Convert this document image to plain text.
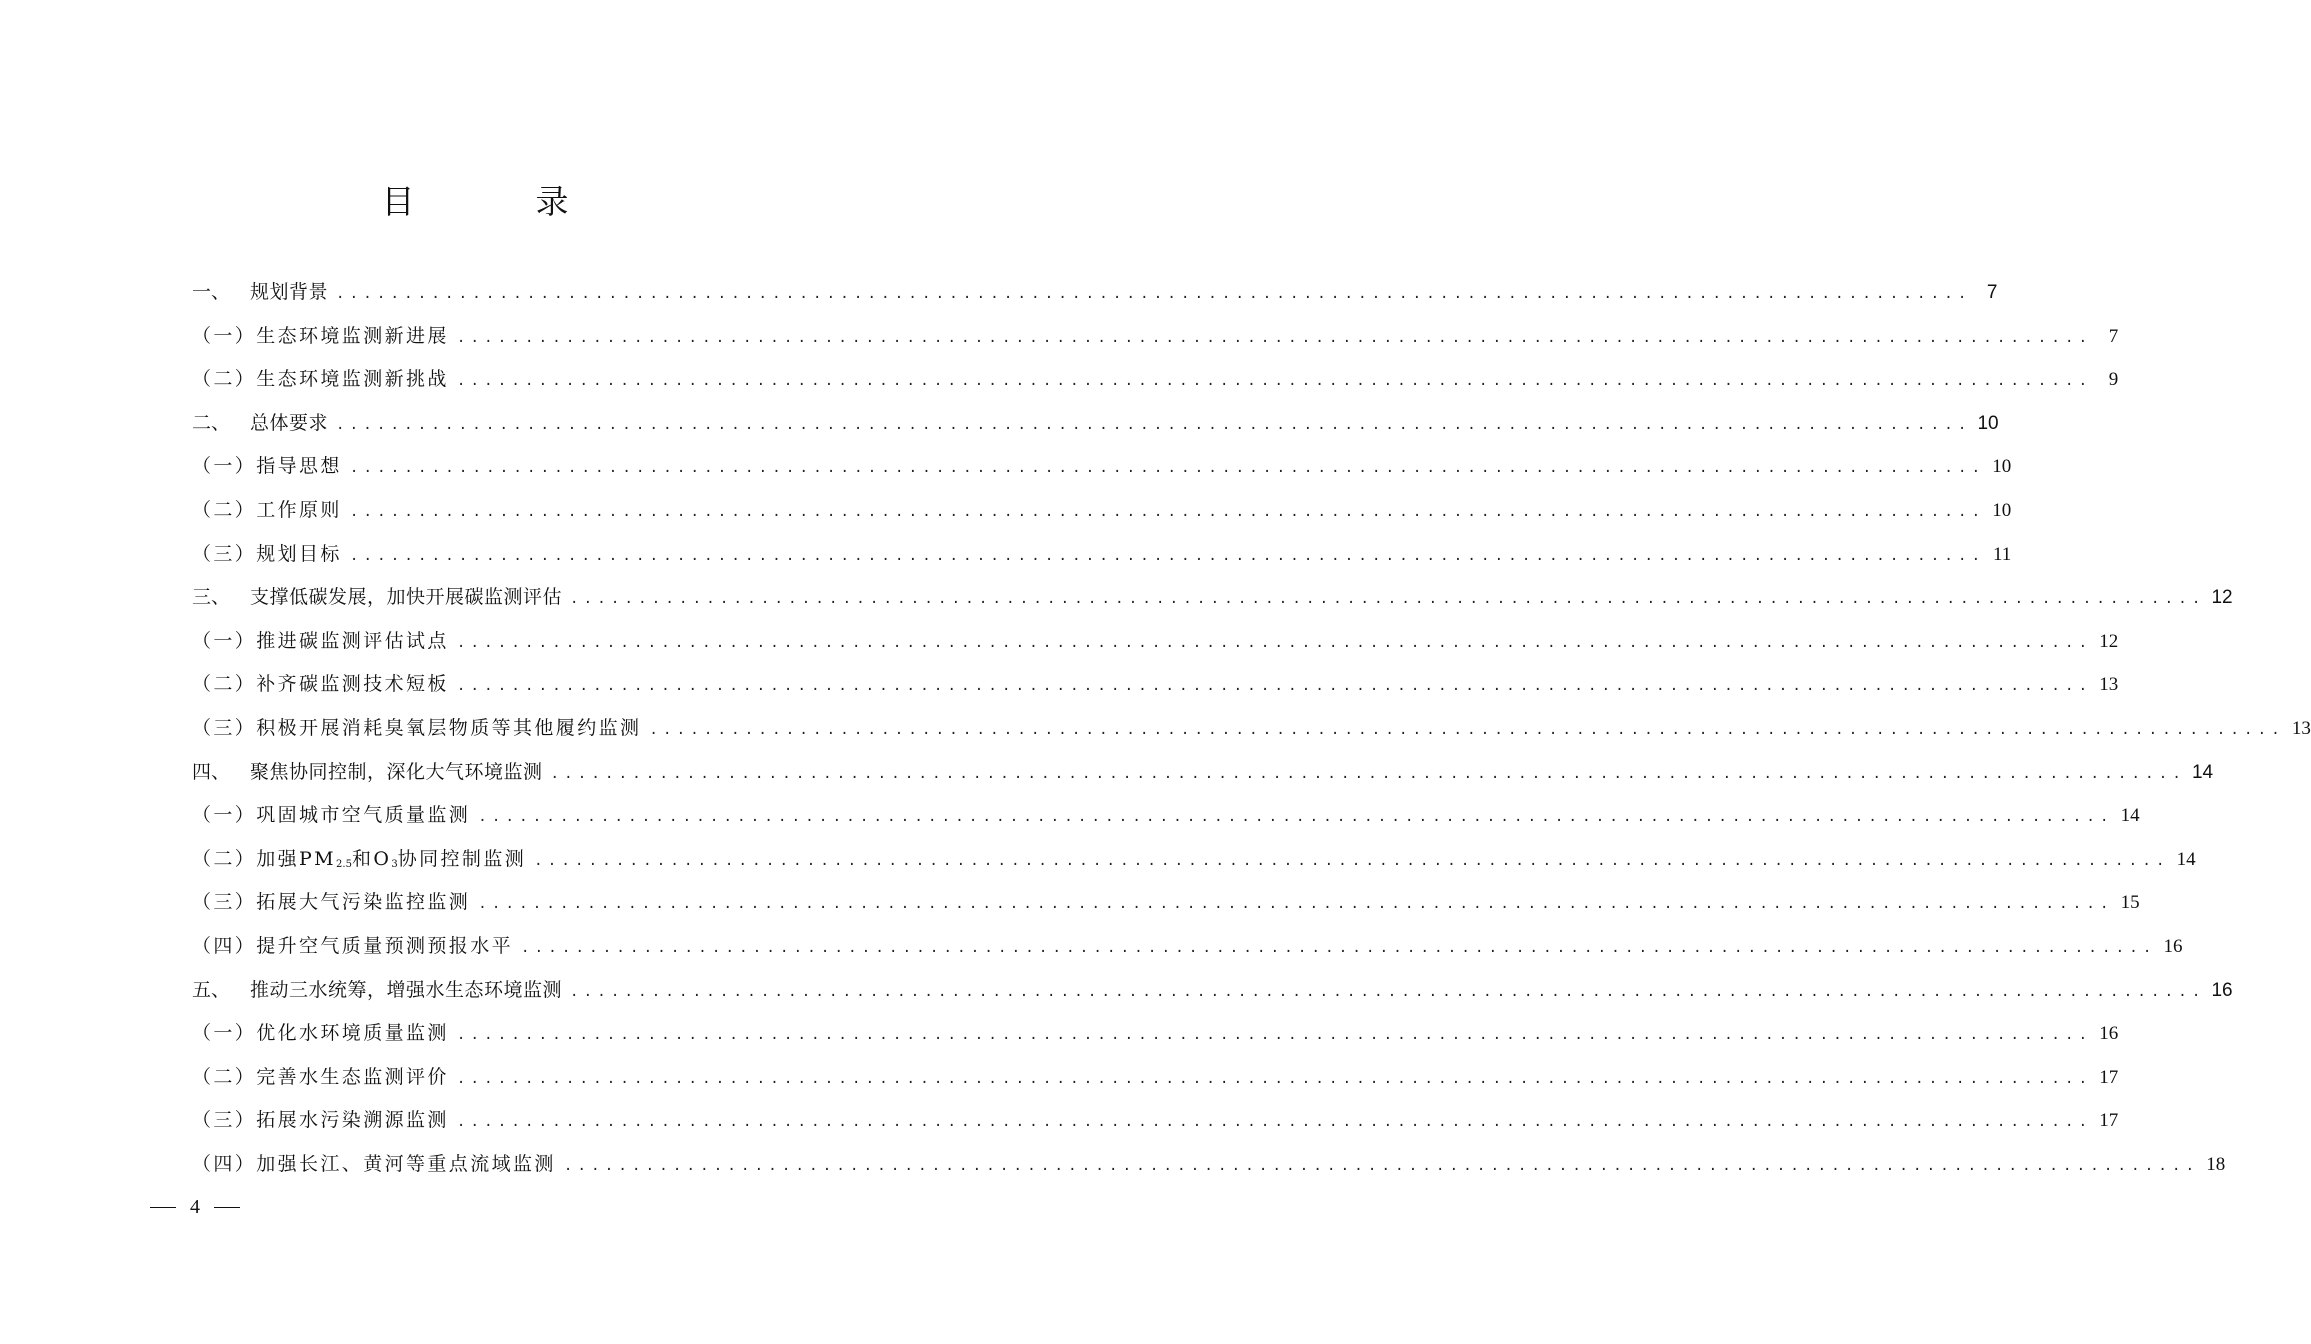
目　录
一、	规划背景 ........................................................................................................................ 7
（一） 生态环境监测新进展 ........................................................................................................................ 7
（二） 生态环境监测新挑战 ........................................................................................................................ 9
二、	总体要求 ........................................................................................................................ 10
（一） 指导思想 ........................................................................................................................ 10
（二） 工作原则 ........................................................................................................................ 10
（三） 规划目标 ........................................................................................................................ 11
三、	支撑低碳发展，加快开展碳监测评估 ........................................................................................................................ 12
（一） 推进碳监测评估试点 ........................................................................................................................ 12
（二） 补齐碳监测技术短板 ........................................................................................................................ 13
（三） 积极开展消耗臭氧层物质等其他履约监测 ........................................................................................................................ 13
四、	聚焦协同控制，深化大气环境监测 ........................................................................................................................ 14
（一） 巩固城市空气质量监测 ........................................................................................................................ 14
（二） 加强$PM_{2.5}$和$O_3$协同控制监测 ........................................................................................................................ 14
（三） 拓展大气污染监控监测 ........................................................................................................................ 15
（四） 提升空气质量预测预报水平 ........................................................................................................................ 16
五、	推动三水统筹，增强水生态环境监测 ........................................................................................................................ 16
（一） 优化水环境质量监测 ........................................................................................................................ 16
（二） 完善水生态监测评价 ........................................................................................................................ 17
（三） 拓展水污染溯源监测 ........................................................................................................................ 17
（四） 加强长江、黄河等重点流域监测 ........................................................................................................................ 18
4
